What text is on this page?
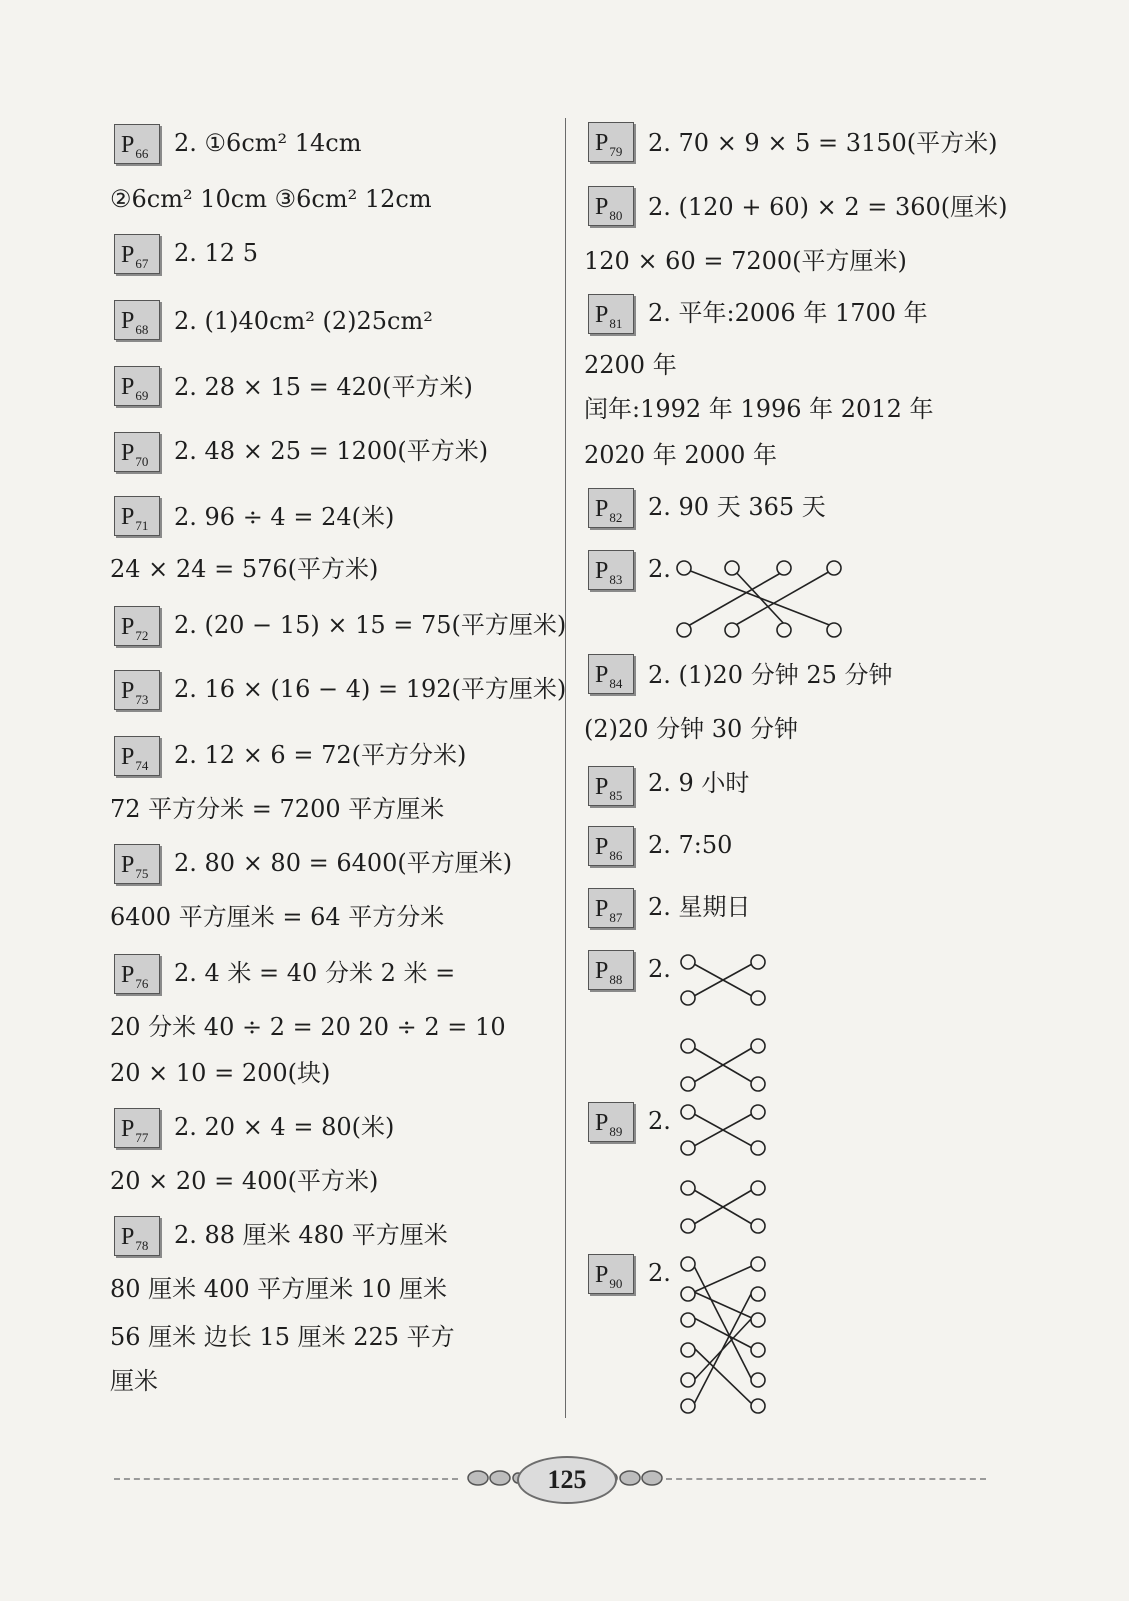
$P_{66}$	2. ①6cm² 14cm
②6cm² 10cm ③6cm² 12cm
$P_{67}$	2. 12 5
$P_{68}$	2. (1)40cm² (2)25cm²
$P_{69}$	2. 28 × 15 = 420(平方米)
$P_{70}$	2. 48 × 25 = 1200(平方米)
$P_{71}$	2. 96 ÷ 4 = 24(米)
24 × 24 = 576(平方米)
$P_{72}$	2. (20 − 15) × 15 = 75(平方厘米)
$P_{73}$	2. 16 × (16 − 4) = 192(平方厘米)
$P_{74}$	2. 12 × 6 = 72(平方分米)
72 平方分米 = 7200 平方厘米
$P_{75}$	2. 80 × 80 = 6400(平方厘米)
6400 平方厘米 = 64 平方分米
$P_{76}$	2. 4 米 = 40 分米 2 米 =
20 分米 40 ÷ 2 = 20 20 ÷ 2 = 10
20 × 10 = 200(块)
$P_{77}$	2. 20 × 4 = 80(米)
20 × 20 = 400(平方米)
$P_{78}$	2. 88 厘米 480 平方厘米
80 厘米 400 平方厘米 10 厘米
56 厘米 边长 15 厘米 225 平方
厘米
$P_{79}$	2. 70 × 9 × 5 = 3150(平方米)
$P_{80}$	2. (120 + 60) × 2 = 360(厘米)
120 × 60 = 7200(平方厘米)
$P_{81}$	2. 平年:2006 年 1700 年
2200 年
闰年:1992 年 1996 年 2012 年
2020 年 2000 年
$P_{82}$	2. 90 天 365 天
$P_{83}$	2.
$P_{84}$	2. (1)20 分钟 25 分钟
(2)20 分钟 30 分钟
$P_{85}$	2. 9 小时
$P_{86}$	2. 7:50
$P_{87}$	2. 星期日
$P_{88}$	2.
$P_{89}$	2.
$P_{90}$	2.
125
